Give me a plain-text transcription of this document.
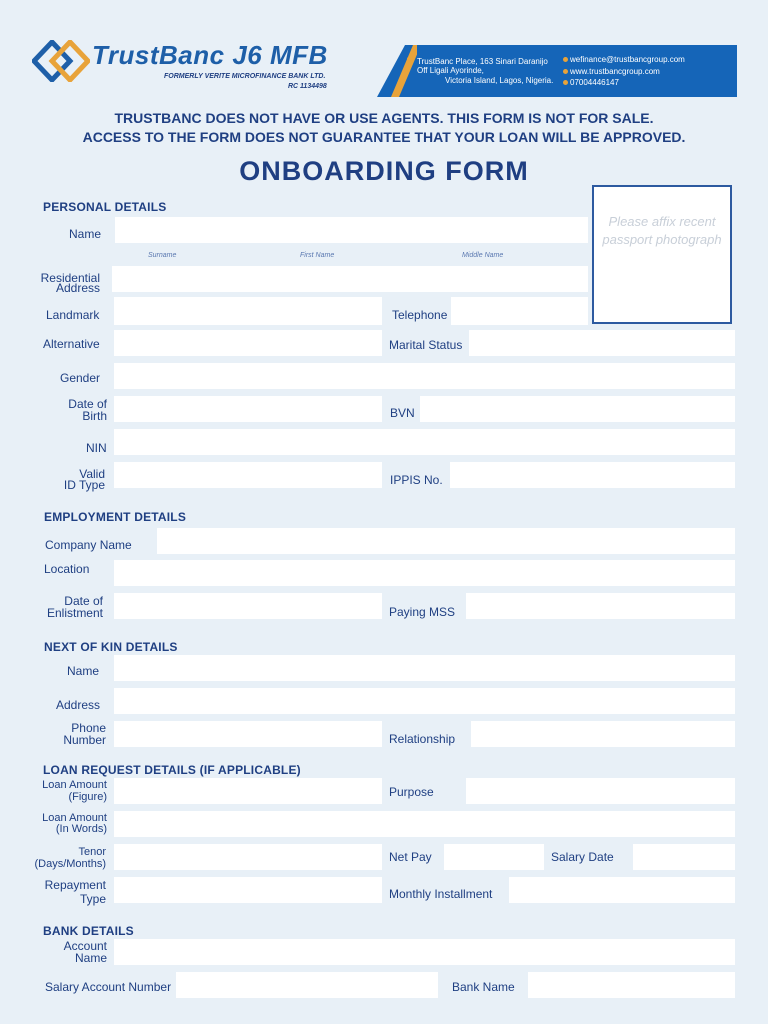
TrustBanc J6 MFB
FORMERLY VERITE MICROFINANCE BANK LTD.
RC 1134498
TrustBanc Place, 163 Sinari Daranijo
Off Ligali Ayorinde,
Victoria Island, Lagos, Nigeria.
wefinance@trustbancgroup.com
www.trustbancgroup.com
07004446147
TRUSTBANC DOES NOT HAVE OR USE AGENTS. THIS FORM IS NOT FOR SALE.
ACCESS TO THE FORM DOES NOT GUARANTEE THAT YOUR LOAN WILL BE APPROVED.
ONBOARDING FORM
Please affix recent passport photograph
PERSONAL DETAILS
Name
Surname	First Name	Middle Name
Residential
Address
Landmark	Telephone
Alternative	Marital Status
Gender
Date of
Birth	BVN
NIN
Valid
ID Type	IPPIS No.
EMPLOYMENT DETAILS
Company Name
Location
Date of
Enlistment	Paying MSS
NEXT OF KIN DETAILS
Name
Address
Phone
Number	Relationship
LOAN REQUEST DETAILS (IF APPLICABLE)
Loan Amount
(Figure)	Purpose
Loan Amount
(In Words)
Tenor
(Days/Months)	Net Pay	Salary Date
Repayment
Type	Monthly Installment
BANK DETAILS
Account
Name
Salary Account Number	Bank Name
